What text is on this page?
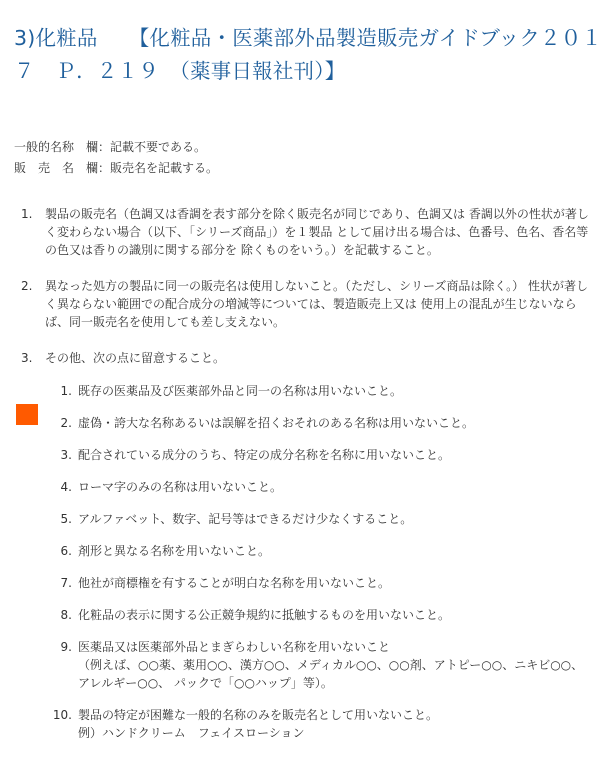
3)化粧品　　【化粧品・医薬部外品製造販売ガイドブック２０１７　Ｐ．２１９　（薬事日報社刊）】
一般的名称　欄：記載不要である。
販　売　名　欄：販売名を記載する。
1. 製品の販売名（色調又は香調を表す部分を除く販売名が同じであり、色調又は 香調以外の性状が著しく変わらない場合（以下、「シリーズ商品」）を１製品 として届け出る場合は、色番号、色名、香名等の色又は香りの識別に関する部分を 除くものをいう。）を記載すること。
2. 異なった処方の製品に同一の販売名は使用しないこと。（ただし、シリーズ商品は除く。） 性状が著しく異ならない範囲での配合成分の増減等については、製造販売上又は 使用上の混乱が生じないならば、同一販売名を使用しても差し支えない。
3. その他、次の点に留意すること。
1. 既存の医薬品及び医薬部外品と同一の名称は用いないこと。
2. 虚偽・誇大な名称あるいは誤解を招くおそれのある名称は用いないこと。
3. 配合されている成分のうち、特定の成分名称を名称に用いないこと。
4. ローマ字のみの名称は用いないこと。
5. アルファベット、数字、記号等はできるだけ少なくすること。
6. 剤形と異なる名称を用いないこと。
7. 他社が商標権を有することが明白な名称を用いないこと。
8. 化粧品の表示に関する公正競争規約に抵触するものを用いないこと。
9. 医薬品又は医薬部外品とまぎらわしい名称を用いないこと
（例えば、○○薬、薬用○○、漢方○○、メディカル○○、○○剤、アトピー○○、ニキビ○○、アレルギー○○、 パックで「○○ハップ」等）。
10. 製品の特定が困難な一般的名称のみを販売名として用いないこと。
例）ハンドクリーム　フェイスローション
